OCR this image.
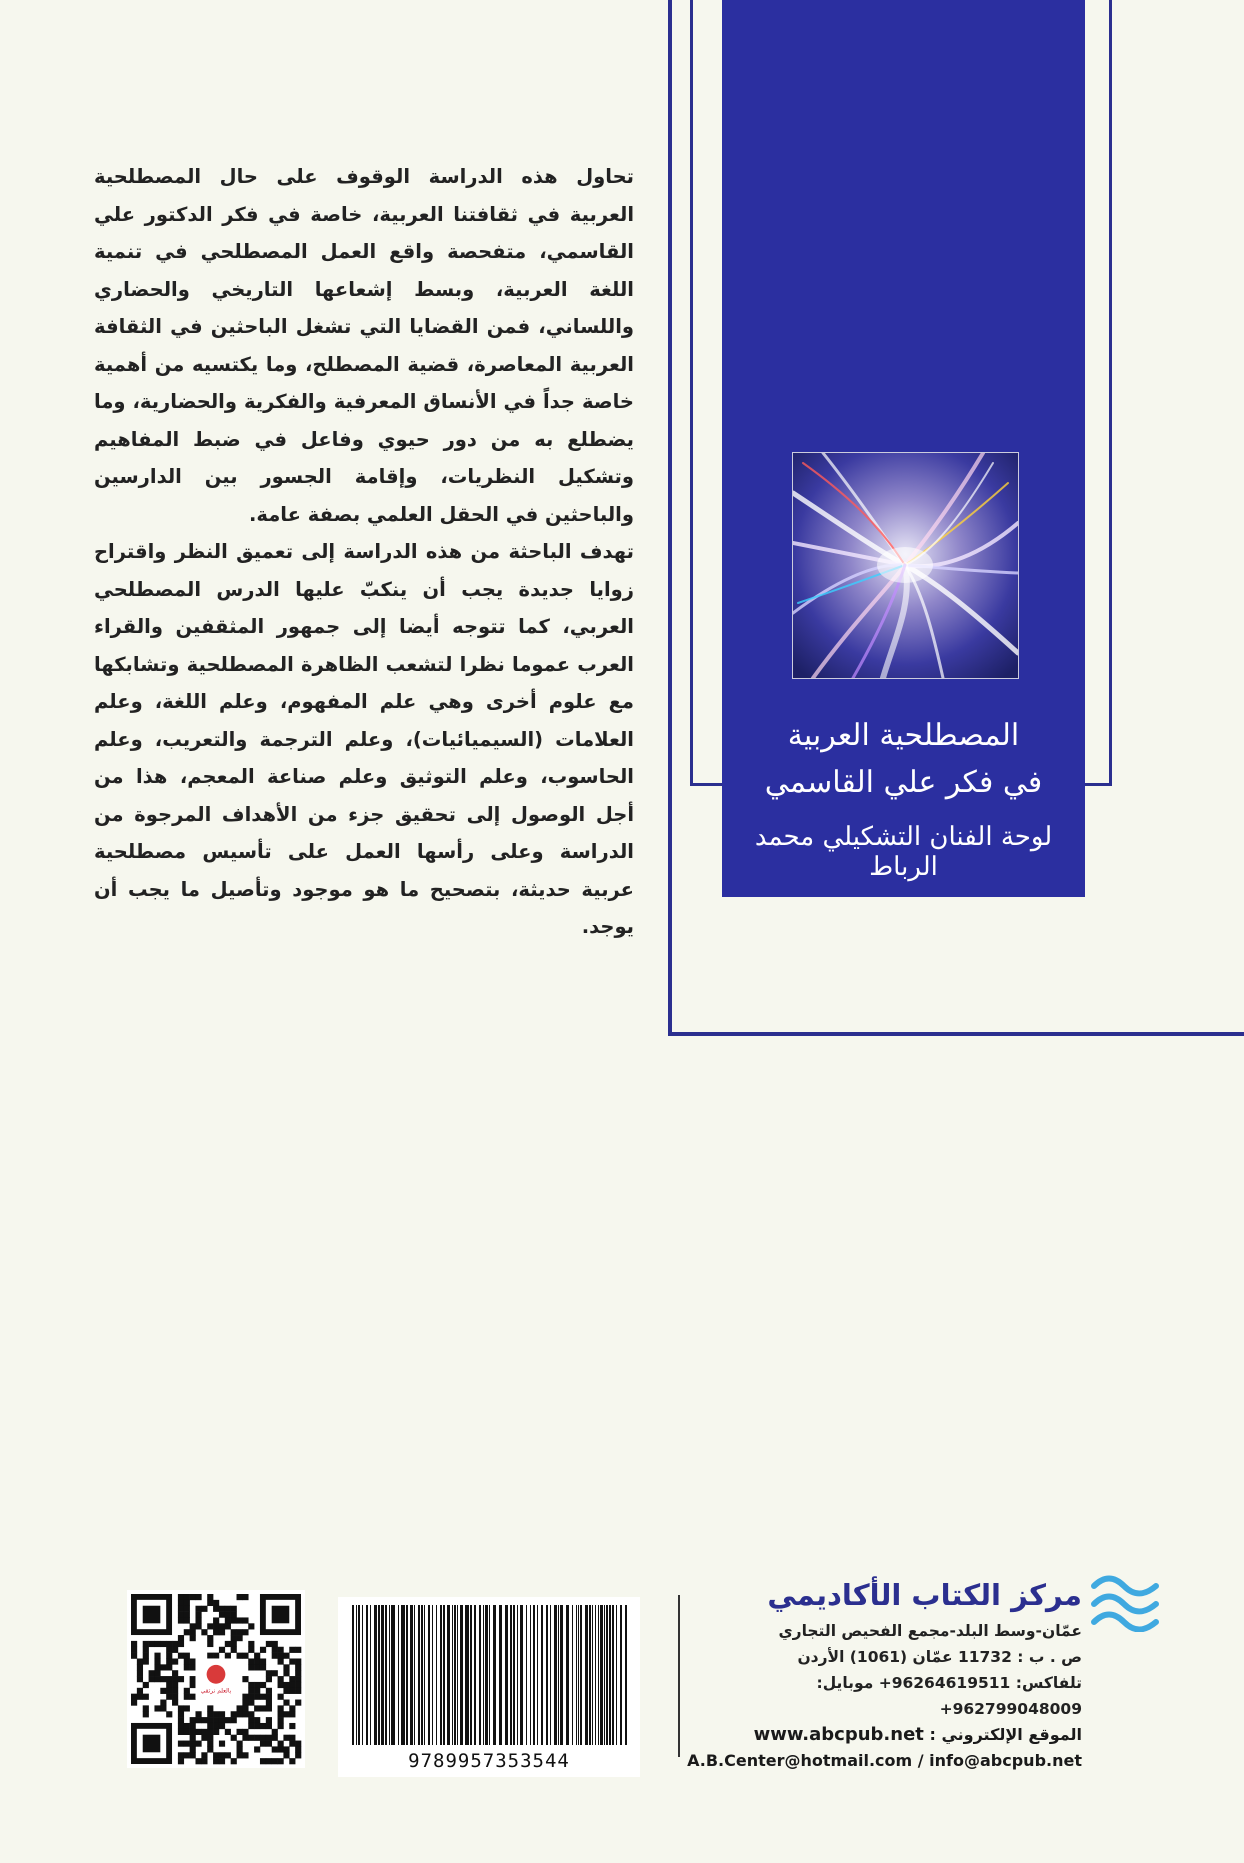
المصطلحية العربية
في فكر علي القاسمي
لوحة الفنان التشكيلي محمد الرباط

تحاول هذه الدراسة الوقوف على حال المصطلحية العربية في ثقافتنا العربية، خاصة في فكر الدكتور علي القاسمي، متفحصة واقع العمل المصطلحي في تنمية اللغة العربية، وبسط إشعاعها التاريخي والحضاري واللساني، فمن القضايا التي تشغل الباحثين في الثقافة العربية المعاصرة، قضية المصطلح، وما يكتسيه من أهمية خاصة جداً في الأنساق المعرفية والفكرية والحضارية، وما يضطلع به من دور حيوي وفاعل في ضبط المفاهيم وتشكيل النظريات، وإقامة الجسور بين الدارسين والباحثين في الحقل العلمي بصفة عامة.

تهدف الباحثة من هذه الدراسة إلى تعميق النظر واقتراح زوايا جديدة يجب أن ينكبّ عليها الدرس المصطلحي العربي، كما تتوجه أيضا إلى جمهور المثقفين والقراء العرب عموما نظرا لتشعب الظاهرة المصطلحية وتشابكها مع علوم أخرى وهي علم المفهوم، وعلم اللغة، وعلم العلامات (السيميائيات)، وعلم الترجمة والتعريب، وعلم الحاسوب، وعلم التوثيق وعلم صناعة المعجم، هذا من أجل الوصول إلى تحقيق جزء من الأهداف المرجوة من الدراسة وعلى رأسها العمل على تأسيس مصطلحية عربية حديثة، بتصحيح ما هو موجود وتأصيل ما يجب أن يوجد.

مركز الكتاب الأكاديمي
عمّان-وسط البلد-مجمع الفحيص التجاري
ص . ب : 11732 عمّان (1061) الأردن
تلفاكس: 96264619511+ موبايل: 962799048009+
الموقع الإلكتروني : www.abcpub.net
A.B.Center@hotmail.com / info@abcpub.net
9789957353544
بالعلم نرتقي
